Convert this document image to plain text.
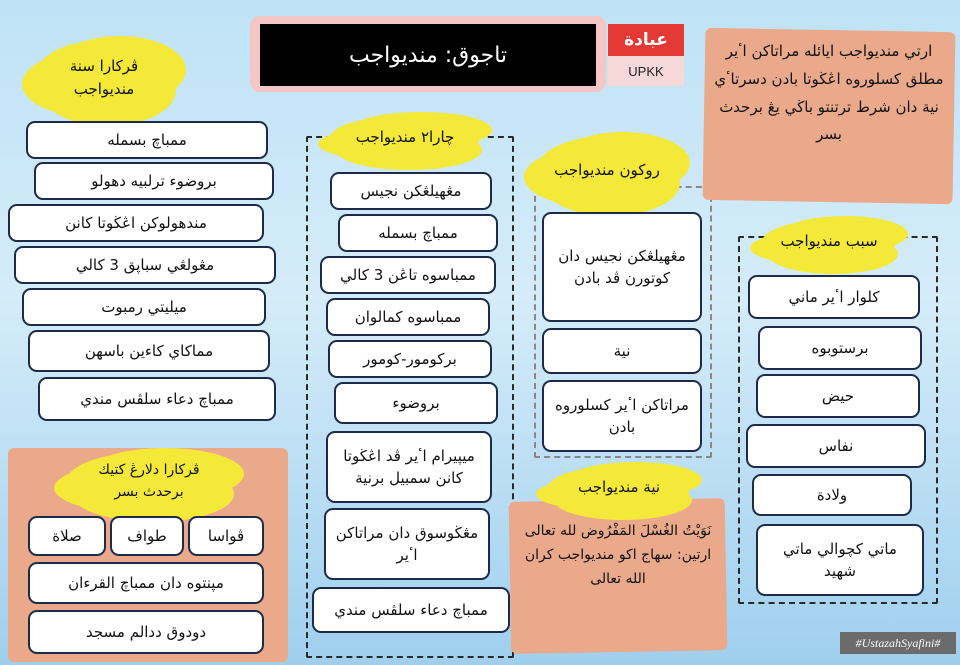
تاجوق: منديواجب
عبادة
UPKK
ڤركارا سنة منديواجب
ممباچ بسمله
بروضوء ترلبيه دهولو
مندهولوكن اڠڬوتا كانن
مڠولڠي سباپق 3 كالي
ميليتي رمبوت
مماكاي كاءين باسهن
ممباچ دعاء سلڤس مندي
ڤركارا دلارڠ كتيك برحدث بسر
ڤواسا
طواف
صلاة
مپنتوه دان ممباچ القرءان
دودوق ددالم مسجد
چارا٢ منديواجب
مڠهيلڠكن نجيس
ممباچ بسمله
ممباسوه تاڠن 3 كالي
ممباسوه كمالوان
بركومور-كومور
بروضوء
ميڽيرام اٴير ڤد اڠڬوتا كانن سمبيل برنية
مڠڬوسوق دان مراتاكن اٴير
ممباچ دعاء سلڤس مندي
روكون منديواجب
مڠهيلڠكن نجيس دان كوتورن ڤد بادن
نية
مراتاكن اٴير كسلوروه بادن
نية منديواجب
نَوَيْتُ الغُسْلَ المَفْرُوض لله تعالى
ارتين: سهاج اكو منديواجب كران الله تعالى
ارتي منديواجب ايائله مراتاكن اٴير مطلق كسلوروه اڠڬوتا بادن دسرتاٴي نية دان شرط ترتنتو باڬي يڠ برحدث بسر
سبب منديواجب
كلوار اٴير ماني
برستوبوه
حيض
نفاس
ولادة
ماتي كچوالي ماتي شهيد
#UstazahSyafini#
